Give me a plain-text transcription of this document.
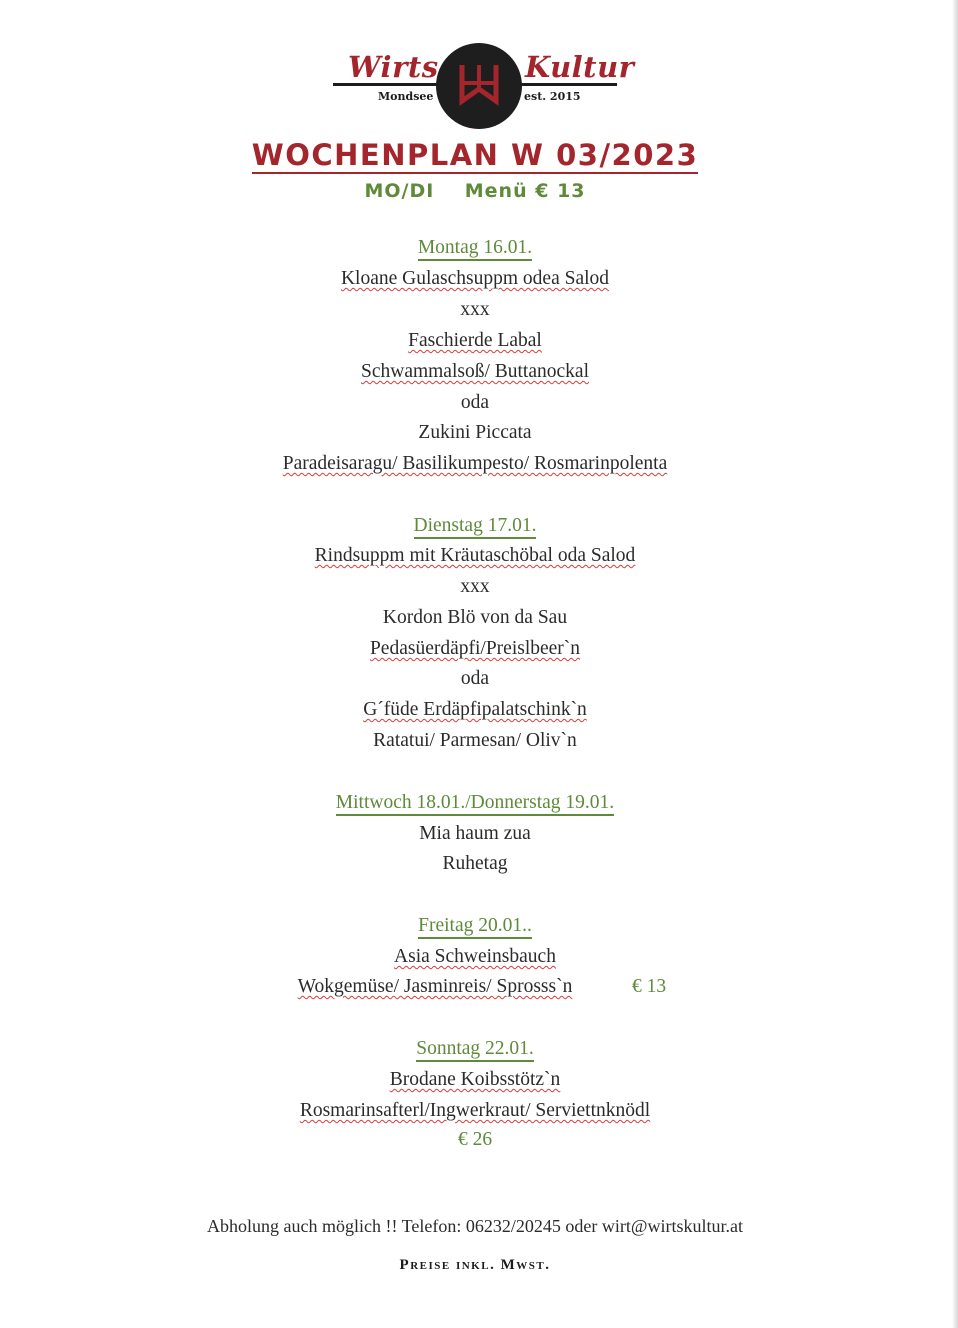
Wirts	Kultur
Mondsee	est. 2015
WOCHENPLAN W 03/2023
MO/DI    Menü € 13
Montag 16.01.
Kloane Gulaschsuppm odea Salod
xxx
Faschierde Labal
Schwammalsoß/ Buttanockal
oda
Zukini Piccata
Paradeisaragu/ Basilikumpesto/ Rosmarinpolenta
Dienstag 17.01.
Rindsuppm mit Kräutaschöbal oda Salod
xxx
Kordon Blö von da Sau
Pedasüerdäpfi/Preislbeer`n
oda
G´füde Erdäpfipalatschink`n
Ratatui/ Parmesan/ Oliv`n
Mittwoch 18.01./Donnerstag 19.01.
Mia haum zua
Ruhetag
Freitag 20.01..
Asia Schweinsbauch
Wokgemüse/ Jasminreis/ Sprosss`n	€ 13
Sonntag 22.01.
Brodane Koibsstötz`n
Rosmarinsafterl/Ingwerkraut/ Serviettnknödl
€ 26
Abholung auch möglich !! Telefon: 06232/20245 oder wirt@wirtskultur.at
Preise inkl. Mwst.
